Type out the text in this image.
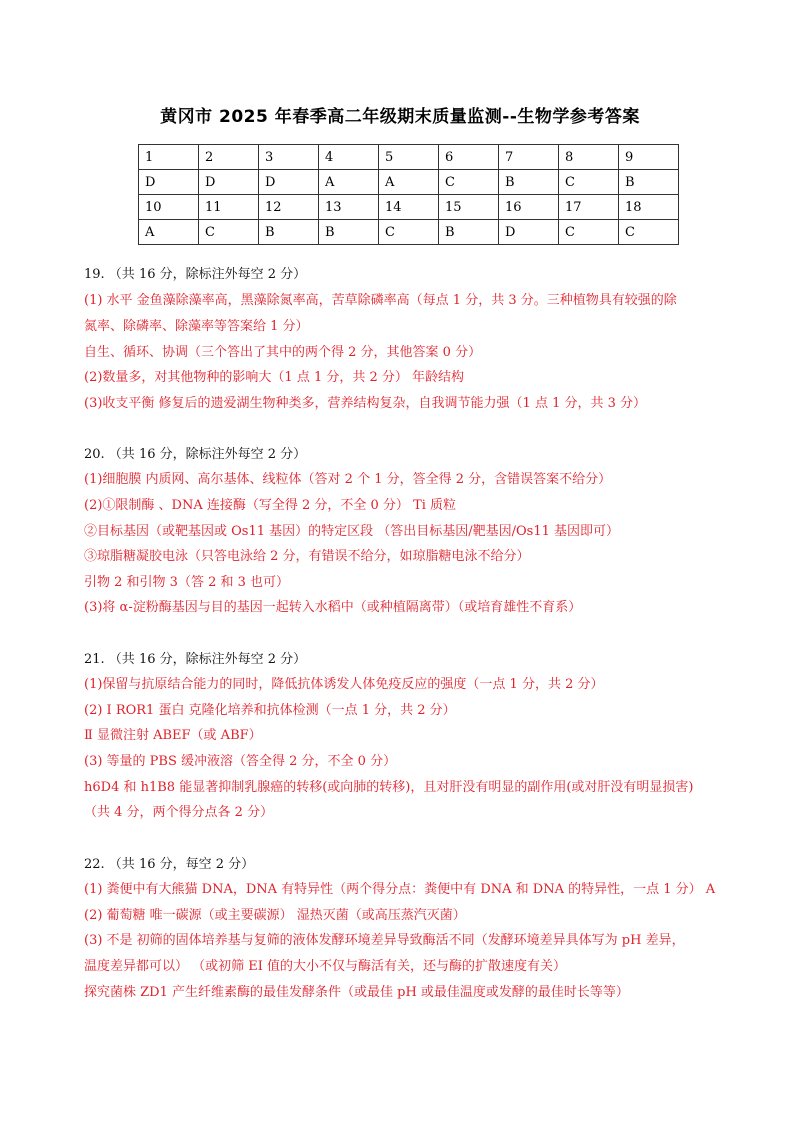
黄冈市 2025 年春季高二年级期末质量监测--生物学参考答案
1	2	3	4	5	6	7	8	9
D	D	D	A	A	C	B	C	B
10	11	12	13	14	15	16	17	18
A	C	B	B	C	B	D	C	C
19. （共 16 分，除标注外每空 2 分）
(1) 水平 金鱼藻除藻率高，黑藻除氮率高，苦草除磷率高（每点 1 分，共 3 分。三种植物具有较强的除
氮率、除磷率、除藻率等答案给 1 分）
自生、循环、协调（三个答出了其中的两个得 2 分，其他答案 0 分）
(2)数量多，对其他物种的影响大（1 点 1 分，共 2 分） 年龄结构
(3)收支平衡 修复后的遗爱湖生物种类多，营养结构复杂，自我调节能力强（1 点 1 分，共 3 分）
20. （共 16 分，除标注外每空 2 分）
(1)细胞膜 内质网、高尔基体、线粒体（答对 2 个 1 分，答全得 2 分，含错误答案不给分）
(2)①限制酶 、DNA 连接酶（写全得 2 分，不全 0 分） Ti 质粒
②目标基因（或靶基因或 Os11 基因）的特定区段 （答出目标基因/靶基因/Os11 基因即可）
③琼脂糖凝胶电泳（只答电泳给 2 分，有错误不给分，如琼脂糖电泳不给分）
引物 2 和引物 3（答 2 和 3 也可）
(3)将 α-淀粉酶基因与目的基因一起转入水稻中（或种植隔离带）（或培育雄性不育系）
21. （共 16 分，除标注外每空 2 分）
(1)保留与抗原结合能力的同时，降低抗体诱发人体免疫反应的强度（一点 1 分，共 2 分）
(2) Ⅰ ROR1 蛋白 克隆化培养和抗体检测（一点 1 分，共 2 分）
Ⅱ 显微注射 ABEF（或 ABF）
(3) 等量的 PBS 缓冲液溶（答全得 2 分，不全 0 分）
h6D4 和 h1B8 能显著抑制乳腺癌的转移(或向肺的转移)，且对肝没有明显的副作用(或对肝没有明显损害)
（共 4 分，两个得分点各 2 分）
22. （共 16 分，每空 2 分）
(1) 粪便中有大熊猫 DNA，DNA 有特异性（两个得分点：粪便中有 DNA 和 DNA 的特异性，一点 1 分） A
(2) 葡萄糖 唯一碳源（或主要碳源） 湿热灭菌（或高压蒸汽灭菌）
(3) 不是 初筛的固体培养基与复筛的液体发酵环境差异导致酶活不同（发酵环境差异具体写为 pH 差异，
温度差异都可以） （或初筛 EI 值的大小不仅与酶活有关，还与酶的扩散速度有关）
探究菌株 ZD1 产生纤维素酶的最佳发酵条件（或最佳 pH 或最佳温度或发酵的最佳时长等等）
